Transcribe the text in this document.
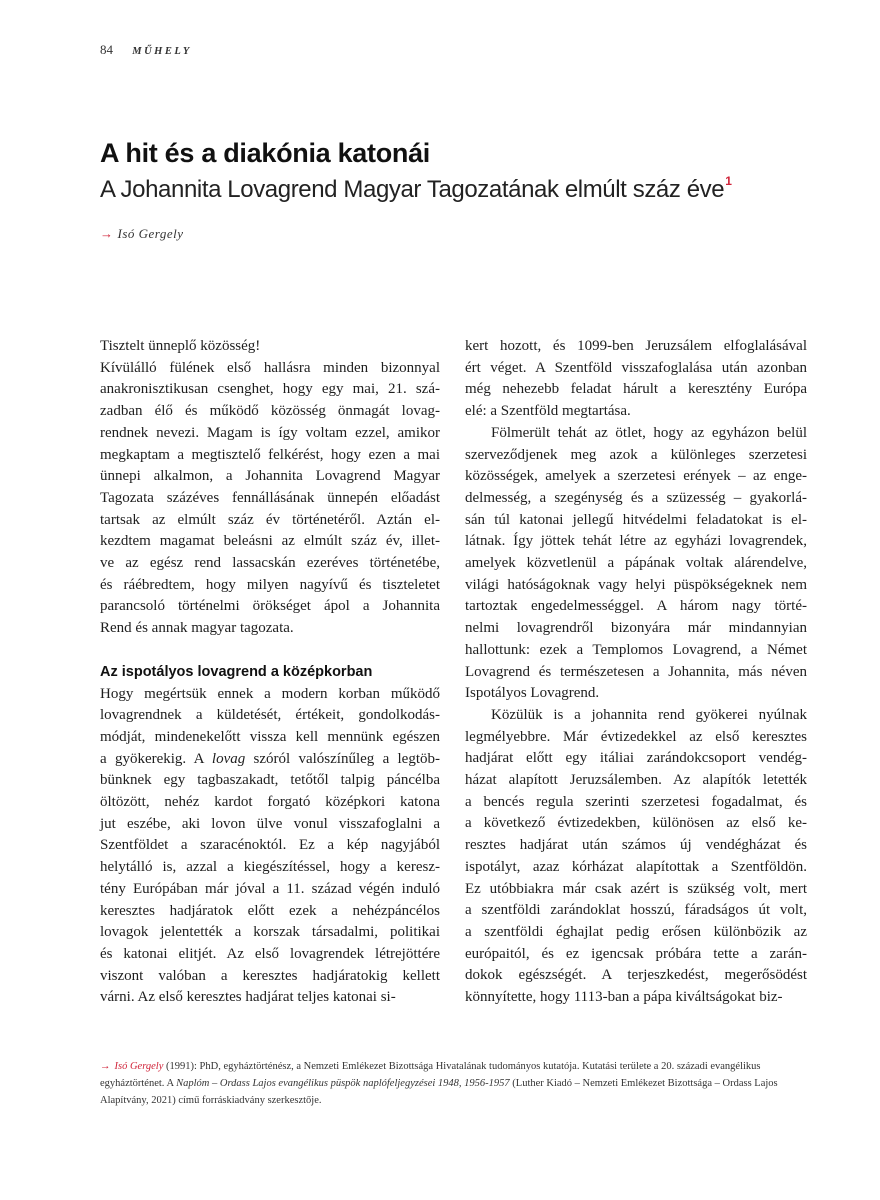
84 MŰHELY
A hit és a diakónia katonái
A Johannita Lovagrend Magyar Tagozatának elmúlt száz éve$^1$
→ Isó Gergely

Tisztelt ünneplő közösség!

Kívülálló fülének első hallásra minden bizonnyal
anakronisztikusan csenghet, hogy egy mai, 21. szá-
zadban élő és működő közösség önmagát lovag-
rendnek nevezi. Magam is így voltam ezzel, amikor
megkaptam a megtisztelő felkérést, hogy ezen a mai
ünnepi alkalmon, a Johannita Lovagrend Magyar
Tagozata százéves fennállásának ünnepén előadást
tartsak az elmúlt száz év történetéről. Aztán el-
kezdtem magamat beleásni az elmúlt száz év, illet-
ve az egész rend lassacskán ezeréves történetébe,
és ráébredtem, hogy milyen nagyívű és tiszteletet
parancsoló történelmi örökséget ápol a Johannita
Rend és annak magyar tagozata.

Az ispotályos lovagrend a középkorban

Hogy megértsük ennek a modern korban működő
lovagrendnek a küldetését, értékeit, gondolkodás-
módját, mindenekelőtt vissza kell mennünk egészen
a gyökerekig. A lovag szóról valószínűleg a legtöb-
bünknek egy tagbaszakadt, tetőtől talpig páncélba
öltözött, nehéz kardot forgató középkori katona
jut eszébe, aki lovon ülve vonul visszafoglalni a
Szentföldet a szaracénoktól. Ez a kép nagyjából
helytálló is, azzal a kiegészítéssel, hogy a keresz-
tény Európában már jóval a 11. század végén induló
keresztes hadjáratok előtt ezek a nehézpáncélos
lovagok jelentették a korszak társadalmi, politikai
és katonai elitjét. Az első lovagrendek létrejöttére
viszont valóban a keresztes hadjáratokig kellett
várni. Az első keresztes hadjárat teljes katonai si-

kert hozott, és 1099-ben Jeruzsálem elfoglalásával
ért véget. A Szentföld visszafoglalása után azonban
még nehezebb feladat hárult a keresztény Európa
elé: a Szentföld megtartása.

Fölmerült tehát az ötlet, hogy az egyházon belül
szerveződjenek meg azok a különleges szerzetesi
közösségek, amelyek a szerzetesi erények – az enge-
delmesség, a szegénység és a szüzesség – gyakorlá-
sán túl katonai jellegű hitvédelmi feladatokat is el-
látnak. Így jöttek tehát létre az egyházi lovagrendek,
amelyek közvetlenül a pápának voltak alárendelve,
világi hatóságoknak vagy helyi püspökségeknek nem
tartoztak engedelmességgel. A három nagy törté-
nelmi lovagrendről bizonyára már mindannyian
hallottunk: ezek a Templomos Lovagrend, a Német
Lovagrend és természetesen a Johannita, más néven
Ispotályos Lovagrend.

Közülük is a johannita rend gyökerei nyúlnak
legmélyebbre. Már évtizedekkel az első keresztes
hadjárat előtt egy itáliai zarándokcsoport vendég-
házat alapított Jeruzsálemben. Az alapítók letették
a bencés regula szerinti szerzetesi fogadalmat, és
a következő évtizedekben, különösen az első ke-
resztes hadjárat után számos új vendégházat és
ispotályt, azaz kórházat alapítottak a Szentföldön.
Ez utóbbiakra már csak azért is szükség volt, mert
a szentföldi zarándoklat hosszú, fáradságos út volt,
a szentföldi éghajlat pedig erősen különbözik az
európaitól, és ez igencsak próbára tette a zarán-
dokok egészségét. A terjeszkedést, megerősödést
könnyítette, hogy 1113-ban a pápa kiváltságokat biz-

→ Isó Gergely (1991): PhD, egyháztörténész, a Nemzeti Emlékezet Bizottsága Hivatalának tudományos kutatója. Kutatási területe a 20. századi evangélikus egyháztörténet. A Naplóm – Ordass Lajos evangélikus püspök naplófeljegyzései 1948, 1956-1957 (Luther Kiadó – Nemzeti Emlékezet Bizottsága – Ordass Lajos Alapítvány, 2021) című forráskiadvány szerkesztője.
